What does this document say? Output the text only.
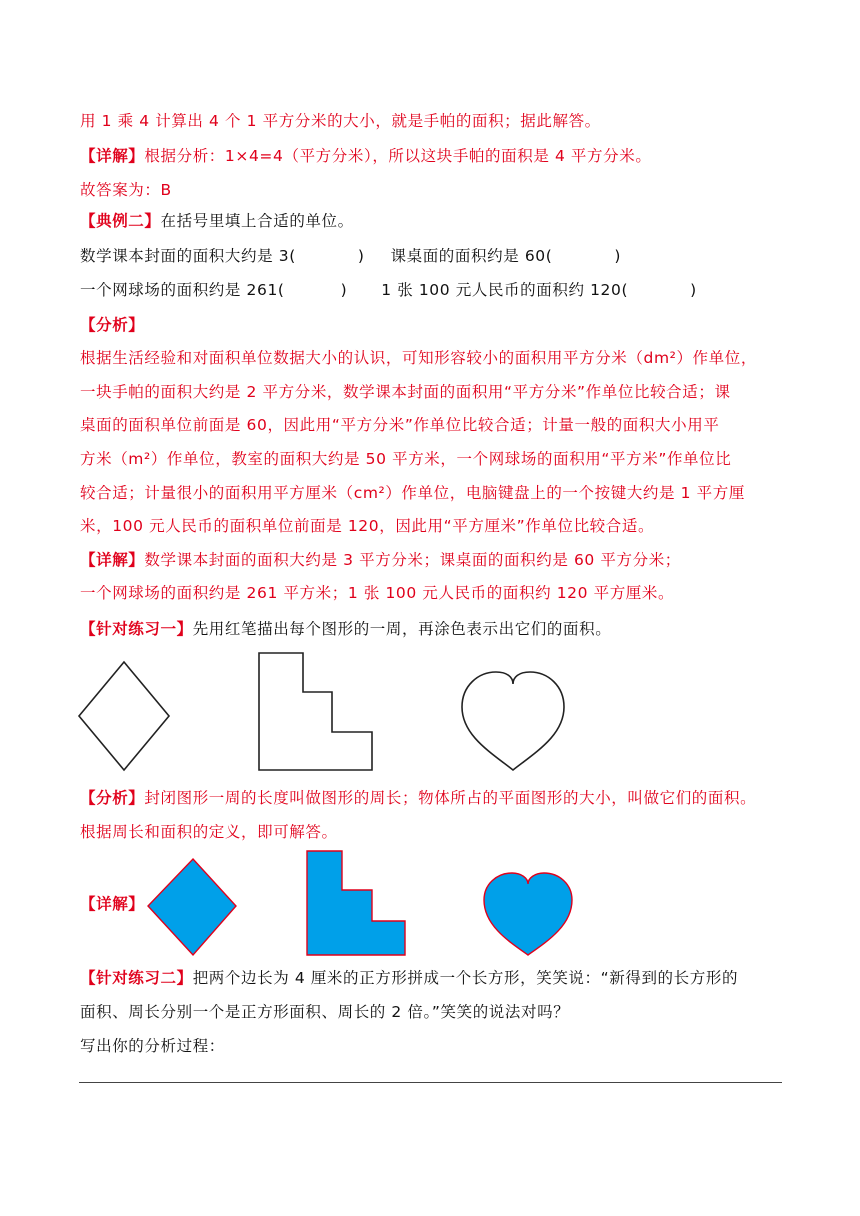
用 1 乘 4 计算出 4 个 1 平方分米的大小，就是手帕的面积；据此解答。
【详解】根据分析：1×4=4（平方分米），所以这块手帕的面积是 4 平方分米。
故答案为：B
【典例二】在括号里填上合适的单位。
数学课本封面的面积大约是 3(	) 课桌面的面积约是 60(	)
一个网球场的面积约是 261(	) 1 张 100 元人民币的面积约 120(	)
【分析】
根据生活经验和对面积单位数据大小的认识，可知形容较小的面积用平方分米（dm²）作单位，
一块手帕的面积大约是 2 平方分米，数学课本封面的面积用“平方分米”作单位比较合适；课
桌面的面积单位前面是 60，因此用“平方分米”作单位比较合适；计量一般的面积大小用平
方米（m²）作单位，教室的面积大约是 50 平方米，一个网球场的面积用“平方米”作单位比
较合适；计量很小的面积用平方厘米（cm²）作单位，电脑键盘上的一个按键大约是 1 平方厘
米，100 元人民币的面积单位前面是 120，因此用“平方厘米”作单位比较合适。
【详解】数学课本封面的面积大约是 3 平方分米；课桌面的面积约是 60 平方分米；
一个网球场的面积约是 261 平方米；1 张 100 元人民币的面积约 120 平方厘米。
【针对练习一】先用红笔描出每个图形的一周，再涂色表示出它们的面积。
【分析】封闭图形一周的长度叫做图形的周长；物体所占的平面图形的大小，叫做它们的面积。
根据周长和面积的定义，即可解答。
【详解】
【针对练习二】把两个边长为 4 厘米的正方形拼成一个长方形，笑笑说：“新得到的长方形的
面积、周长分别一个是正方形面积、周长的 2 倍。”笑笑的说法对吗？
写出你的分析过程：
